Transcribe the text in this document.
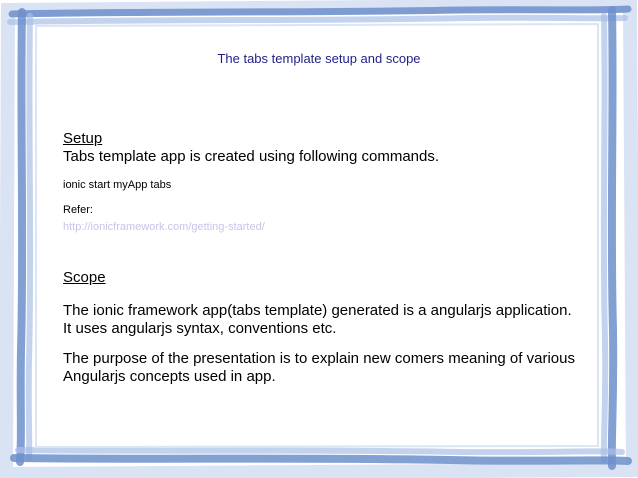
The tabs template setup and scope
Setup
Tabs template app is created using following commands.
ionic start myApp tabs
Refer:
http://ionicframework.com/getting-started/
Scope
The ionic framework app(tabs template) generated is a angularjs application.
It uses angularjs syntax, conventions etc.
The purpose of the presentation is to explain new comers meaning of various
Angularjs concepts used in app.
